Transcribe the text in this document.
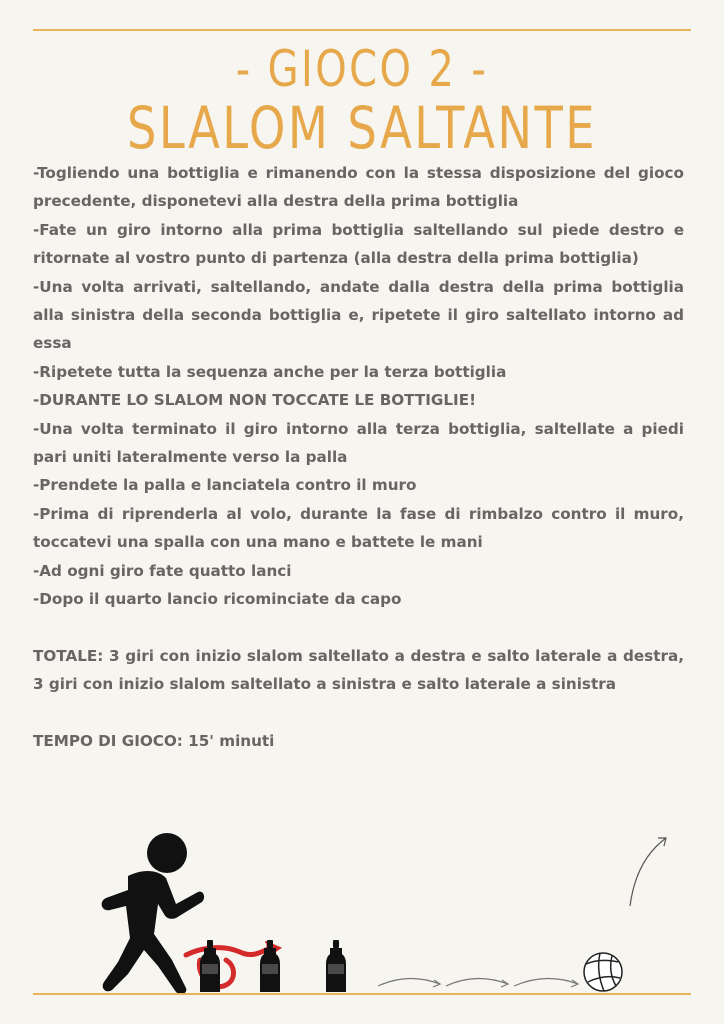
- GIOCO 2 -
SLALOM SALTANTE

-Togliendo una bottiglia e rimanendo con la stessa disposizione del gioco precedente, disponetevi alla destra della prima bottiglia

-Fate un giro intorno alla prima bottiglia saltellando sul piede destro e ritornate al vostro punto di partenza (alla destra della prima bottiglia)

-Una volta arrivati, saltellando, andate dalla destra della prima bottiglia alla sinistra della seconda bottiglia e, ripetete il giro saltellato intorno ad essa

-Ripetete tutta la sequenza anche per la terza bottiglia

-DURANTE LO SLALOM NON TOCCATE LE BOTTIGLIE!

-Una volta terminato il giro intorno alla terza bottiglia, saltellate a piedi pari uniti lateralmente verso la palla

-Prendete la palla e lanciatela contro il muro

-Prima di riprenderla al volo, durante la fase di rimbalzo contro il muro, toccatevi una spalla con una mano e battete le mani

-Ad ogni giro fate quatto lanci

-Dopo il quarto lancio ricominciate da capo

TOTALE: 3 giri con inizio slalom saltellato a destra e salto laterale a destra, 3 giri con inizio slalom saltellato a sinistra e salto laterale a sinistra

TEMPO DI GIOCO: 15' minuti
